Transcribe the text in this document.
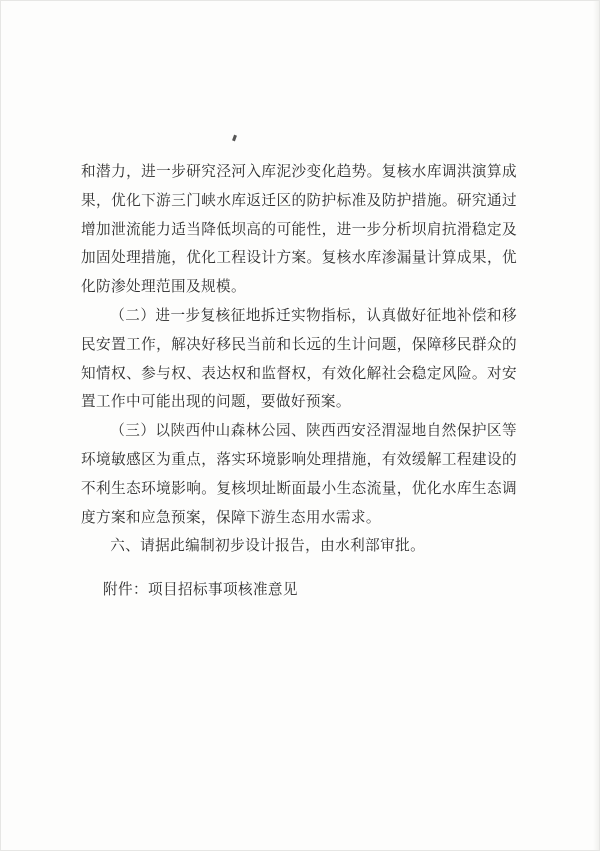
和潜力，进一步研究泾河入库泥沙变化趋势。复核水库调洪演算成果，优化下游三门峡水库返迁区的防护标准及防护措施。研究通过增加泄流能力适当降低坝高的可能性，进一步分析坝肩抗滑稳定及加固处理措施，优化工程设计方案。复核水库渗漏量计算成果，优化防渗处理范围及规模。

（二）进一步复核征地拆迁实物指标，认真做好征地补偿和移民安置工作，解决好移民当前和长远的生计问题，保障移民群众的知情权、参与权、表达权和监督权，有效化解社会稳定风险。对安置工作中可能出现的问题，要做好预案。

（三）以陕西仲山森林公园、陕西西安泾渭湿地自然保护区等环境敏感区为重点，落实环境影响处理措施，有效缓解工程建设的不利生态环境影响。复核坝址断面最小生态流量，优化水库生态调度方案和应急预案，保障下游生态用水需求。

六、请据此编制初步设计报告，由水利部审批。

附件：项目招标事项核准意见
